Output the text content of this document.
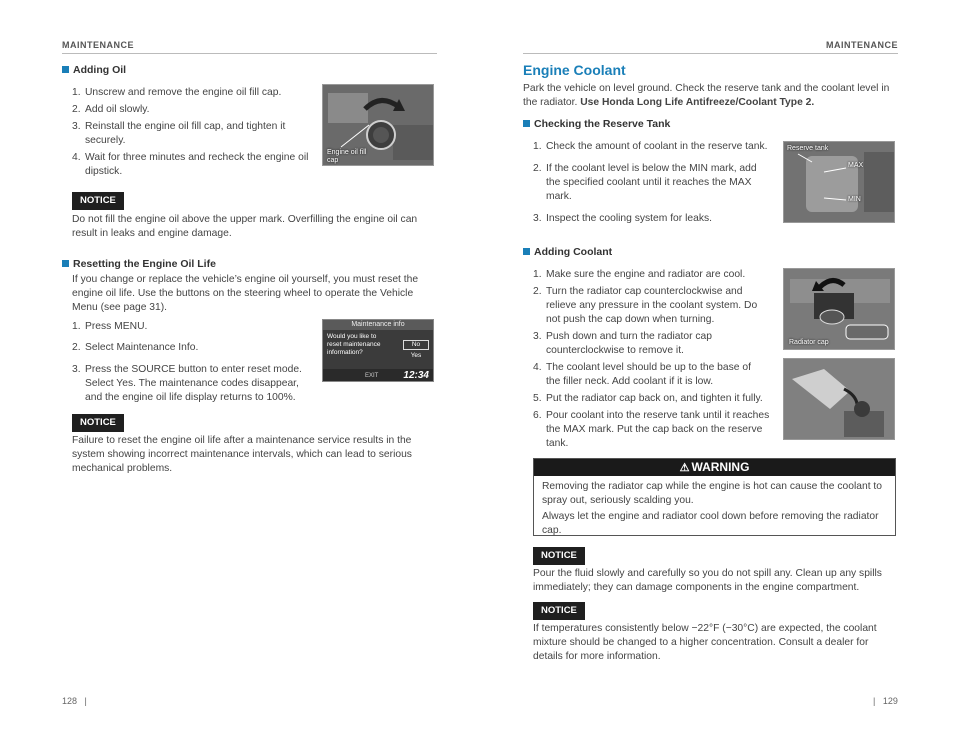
MAINTENANCE
Adding Oil
1. Unscrew and remove the engine oil fill cap.
2. Add oil slowly.
3. Reinstall the engine oil fill cap, and tighten it securely.
4. Wait for three minutes and recheck the engine oil dipstick.
Engine oil fill cap
NOTICE
Do not fill the engine oil above the upper mark. Overfilling the engine oil can result in leaks and engine damage.
Resetting the Engine Oil Life
If you change or replace the vehicle’s engine oil yourself, you must reset the engine oil life. Use the buttons on the steering wheel to operate the Vehicle Menu (see page 31).
1. Press MENU.
2. Select Maintenance Info.
3. Press the SOURCE button to enter reset mode. Select Yes. The maintenance codes disappear, and the engine oil life display returns to 100%.
Maintenance info
Would you like to reset maintenance information?
No
Yes
EXIT	12:34
NOTICE
Failure to reset the engine oil life after a maintenance service results in the system showing incorrect maintenance intervals, which can lead to serious mechanical problems.
128   |
MAINTENANCE
Engine Coolant
Park the vehicle on level ground. Check the reserve tank and the coolant level in the radiator. Use Honda Long Life Antifreeze/Coolant Type 2.
Checking the Reserve Tank
1. Check the amount of coolant in the reserve tank.
2. If the coolant level is below the MIN mark, add the specified coolant until it reaches the MAX mark.
3. Inspect the cooling system for leaks.
Reserve tank
MAX
MIN
Adding Coolant
1. Make sure the engine and radiator are cool.
2. Turn the radiator cap counterclockwise and relieve any pressure in the coolant system. Do not push the cap down when turning.
3. Push down and turn the radiator cap counterclockwise to remove it.
4. The coolant level should be up to the base of the filler neck. Add coolant if it is low.
5. Put the radiator cap back on, and tighten it fully.
6. Pour coolant into the reserve tank until it reaches the MAX mark. Put the cap back on the reserve tank.
Radiator cap
⚠ WARNING
Removing the radiator cap while the engine is hot can cause the coolant to spray out, seriously scalding you.
Always let the engine and radiator cool down before removing the radiator cap.
NOTICE
Pour the fluid slowly and carefully so you do not spill any. Clean up any spills immediately; they can damage components in the engine compartment.
NOTICE
If temperatures consistently below −22°F (−30°C) are expected, the coolant mixture should be changed to a higher concentration. Consult a dealer for details for more information.
|   129
